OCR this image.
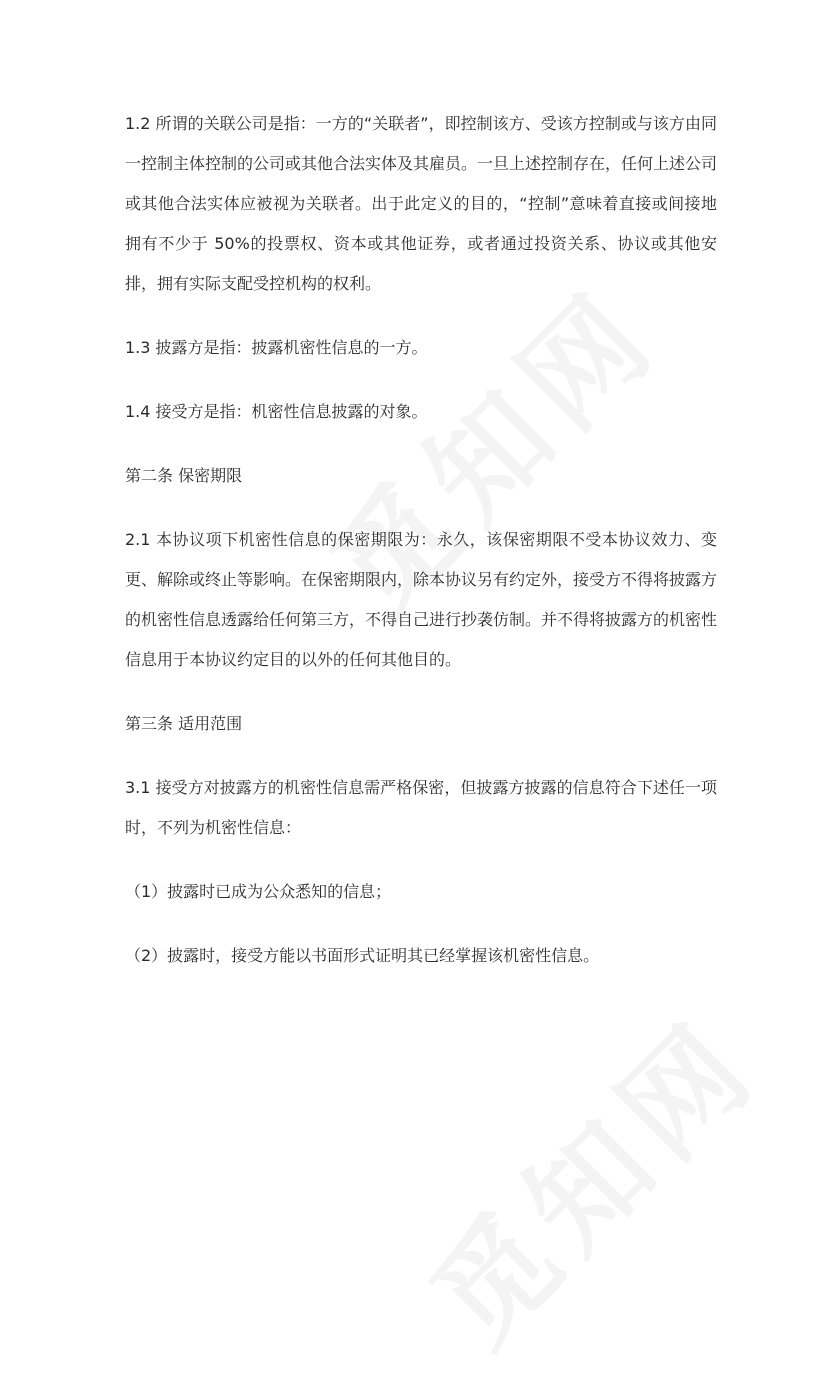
1.2 所谓的关联公司是指：一方的“关联者”，即控制该方、受该方控制或与该方由同一控制主体控制的公司或其他合法实体及其雇员。一旦上述控制存在，任何上述公司或其他合法实体应被视为关联者。出于此定义的目的，“控制”意味着直接或间接地拥有不少于 50%的投票权、资本或其他证券，或者通过投资关系、协议或其他安排，拥有实际支配受控机构的权利。

1.3 披露方是指：披露机密性信息的一方。

1.4 接受方是指：机密性信息披露的对象。

第二条 保密期限

2.1 本协议项下机密性信息的保密期限为：永久，该保密期限不受本协议效力、变更、解除或终止等影响。在保密期限内，除本协议另有约定外，接受方不得将披露方的机密性信息透露给任何第三方，不得自己进行抄袭仿制。并不得将披露方的机密性信息用于本协议约定目的以外的任何其他目的。

第三条 适用范围

3.1 接受方对披露方的机密性信息需严格保密，但披露方披露的信息符合下述任一项时，不列为机密性信息：

（1）披露时已成为公众悉知的信息；

（2）披露时，接受方能以书面形式证明其已经掌握该机密性信息。
